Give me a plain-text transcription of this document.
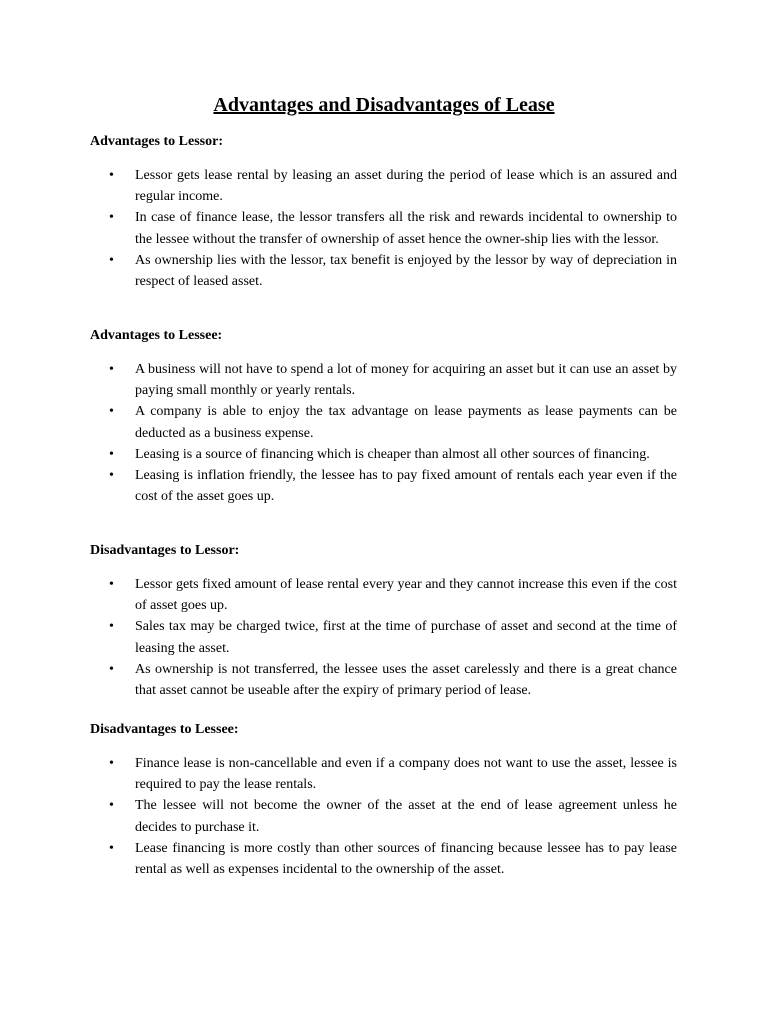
Advantages and Disadvantages of Lease

Advantages to Lessor:

• Lessor gets lease rental by leasing an asset during the period of lease which is an assured and regular income.
• In case of finance lease, the lessor transfers all the risk and rewards incidental to ownership to the lessee without the transfer of ownership of asset hence the owner-ship lies with the lessor.
• As ownership lies with the lessor, tax benefit is enjoyed by the lessor by way of depreciation in respect of leased asset.

Advantages to Lessee:

• A business will not have to spend a lot of money for acquiring an asset but it can use an asset by paying small monthly or yearly rentals.
• A company is able to enjoy the tax advantage on lease payments as lease payments can be deducted as a business expense.
• Leasing is a source of financing which is cheaper than almost all other sources of financing.
• Leasing is inflation friendly, the lessee has to pay fixed amount of rentals each year even if the cost of the asset goes up.

Disadvantages to Lessor:

• Lessor gets fixed amount of lease rental every year and they cannot increase this even if the cost of asset goes up.
• Sales tax may be charged twice, first at the time of purchase of asset and second at the time of leasing the asset.
• As ownership is not transferred, the lessee uses the asset carelessly and there is a great chance that asset cannot be useable after the expiry of primary period of lease.

Disadvantages to Lessee:

• Finance lease is non-cancellable and even if a company does not want to use the asset, lessee is required to pay the lease rentals.
• The lessee will not become the owner of the asset at the end of lease agreement unless he decides to purchase it.
• Lease financing is more costly than other sources of financing because lessee has to pay lease rental as well as expenses incidental to the ownership of the asset.
